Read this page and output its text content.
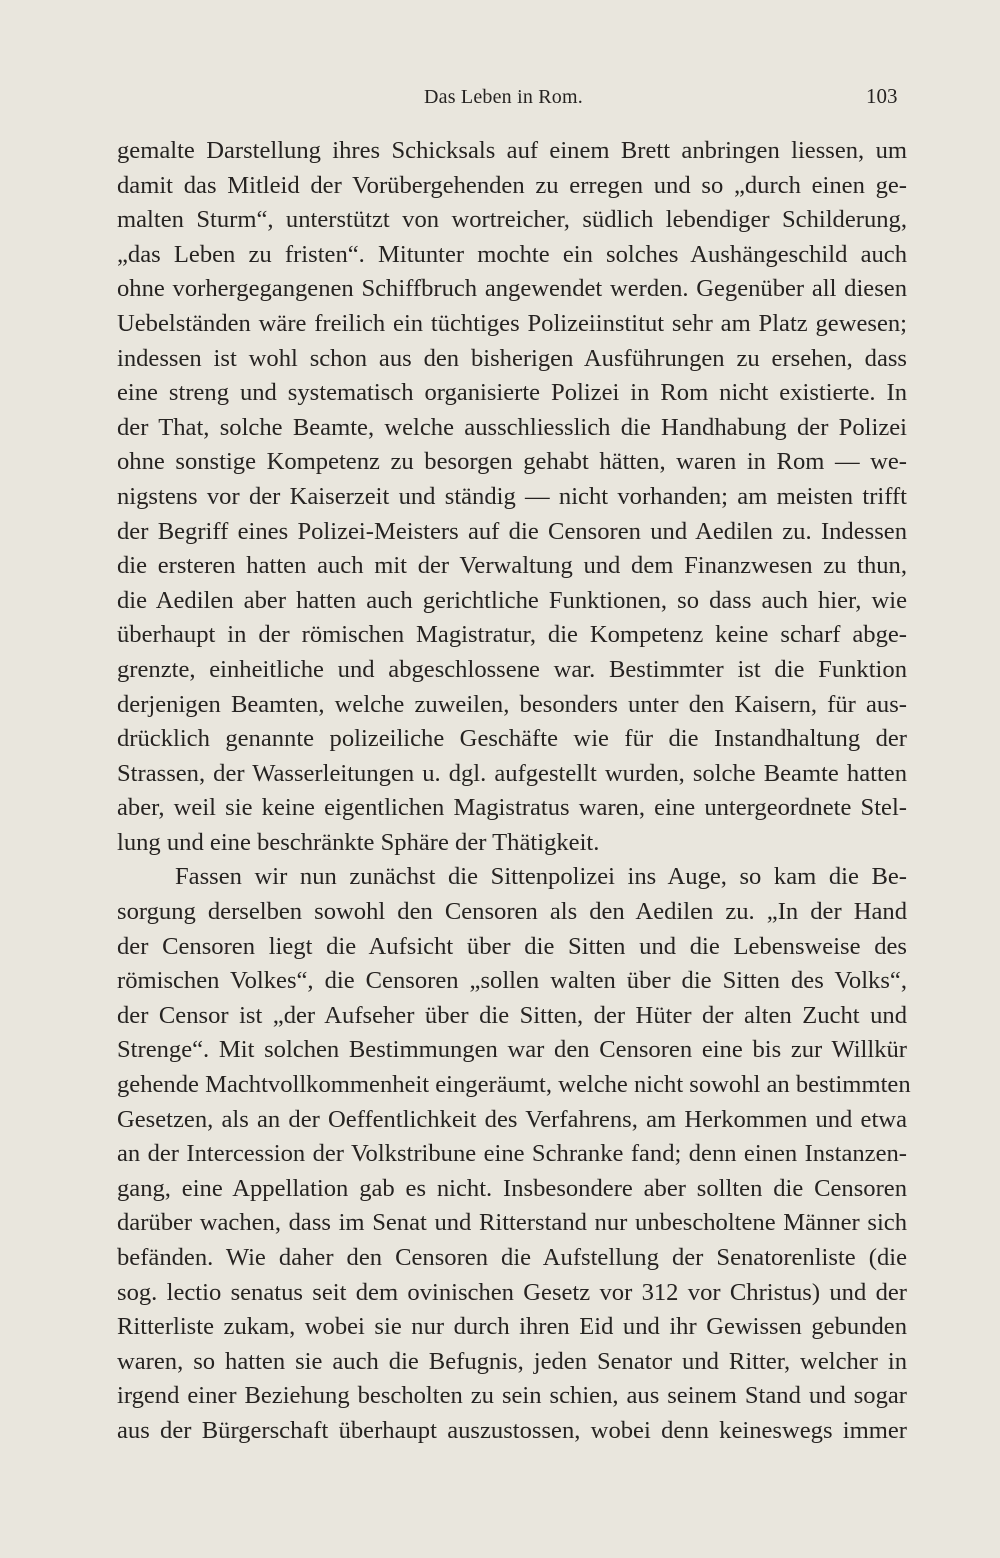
Das Leben in Rom.	103
gemalte Darstellung ihres Schicksals auf einem Brett anbringen liessen, um
damit das Mitleid der Vorübergehenden zu erregen und so „durch einen ge-
malten Sturm“, unterstützt von wortreicher, südlich lebendiger Schilderung,
„das Leben zu fristen“. Mitunter mochte ein solches Aushängeschild auch
ohne vorhergegangenen Schiffbruch angewendet werden. Gegenüber all diesen
Uebelständen wäre freilich ein tüchtiges Polizeiinstitut sehr am Platz gewesen;
indessen ist wohl schon aus den bisherigen Ausführungen zu ersehen, dass
eine streng und systematisch organisierte Polizei in Rom nicht existierte. In
der That, solche Beamte, welche ausschliesslich die Handhabung der Polizei
ohne sonstige Kompetenz zu besorgen gehabt hätten, waren in Rom — we-
nigstens vor der Kaiserzeit und ständig — nicht vorhanden; am meisten trifft
der Begriff eines Polizei-Meisters auf die Censoren und Aedilen zu. Indessen
die ersteren hatten auch mit der Verwaltung und dem Finanzwesen zu thun,
die Aedilen aber hatten auch gerichtliche Funktionen, so dass auch hier, wie
überhaupt in der römischen Magistratur, die Kompetenz keine scharf abge-
grenzte, einheitliche und abgeschlossene war. Bestimmter ist die Funktion
derjenigen Beamten, welche zuweilen, besonders unter den Kaisern, für aus-
drücklich genannte polizeiliche Geschäfte wie für die Instandhaltung der
Strassen, der Wasserleitungen u. dgl. aufgestellt wurden, solche Beamte hatten
aber, weil sie keine eigentlichen Magistratus waren, eine untergeordnete Stel-
lung und eine beschränkte Sphäre der Thätigkeit.
Fassen wir nun zunächst die Sittenpolizei ins Auge, so kam die Be-
sorgung derselben sowohl den Censoren als den Aedilen zu. „In der Hand
der Censoren liegt die Aufsicht über die Sitten und die Lebensweise des
römischen Volkes“, die Censoren „sollen walten über die Sitten des Volks“,
der Censor ist „der Aufseher über die Sitten, der Hüter der alten Zucht und
Strenge“. Mit solchen Bestimmungen war den Censoren eine bis zur Willkür
gehende Machtvollkommenheit eingeräumt, welche nicht sowohl an bestimmten
Gesetzen, als an der Oeffentlichkeit des Verfahrens, am Herkommen und etwa
an der Intercession der Volkstribune eine Schranke fand; denn einen Instanzen-
gang, eine Appellation gab es nicht. Insbesondere aber sollten die Censoren
darüber wachen, dass im Senat und Ritterstand nur unbescholtene Männer sich
befänden. Wie daher den Censoren die Aufstellung der Senatorenliste (die
sog. lectio senatus seit dem ovinischen Gesetz vor 312 vor Christus) und der
Ritterliste zukam, wobei sie nur durch ihren Eid und ihr Gewissen gebunden
waren, so hatten sie auch die Befugnis, jeden Senator und Ritter, welcher in
irgend einer Beziehung bescholten zu sein schien, aus seinem Stand und sogar
aus der Bürgerschaft überhaupt auszustossen, wobei denn keineswegs immer
